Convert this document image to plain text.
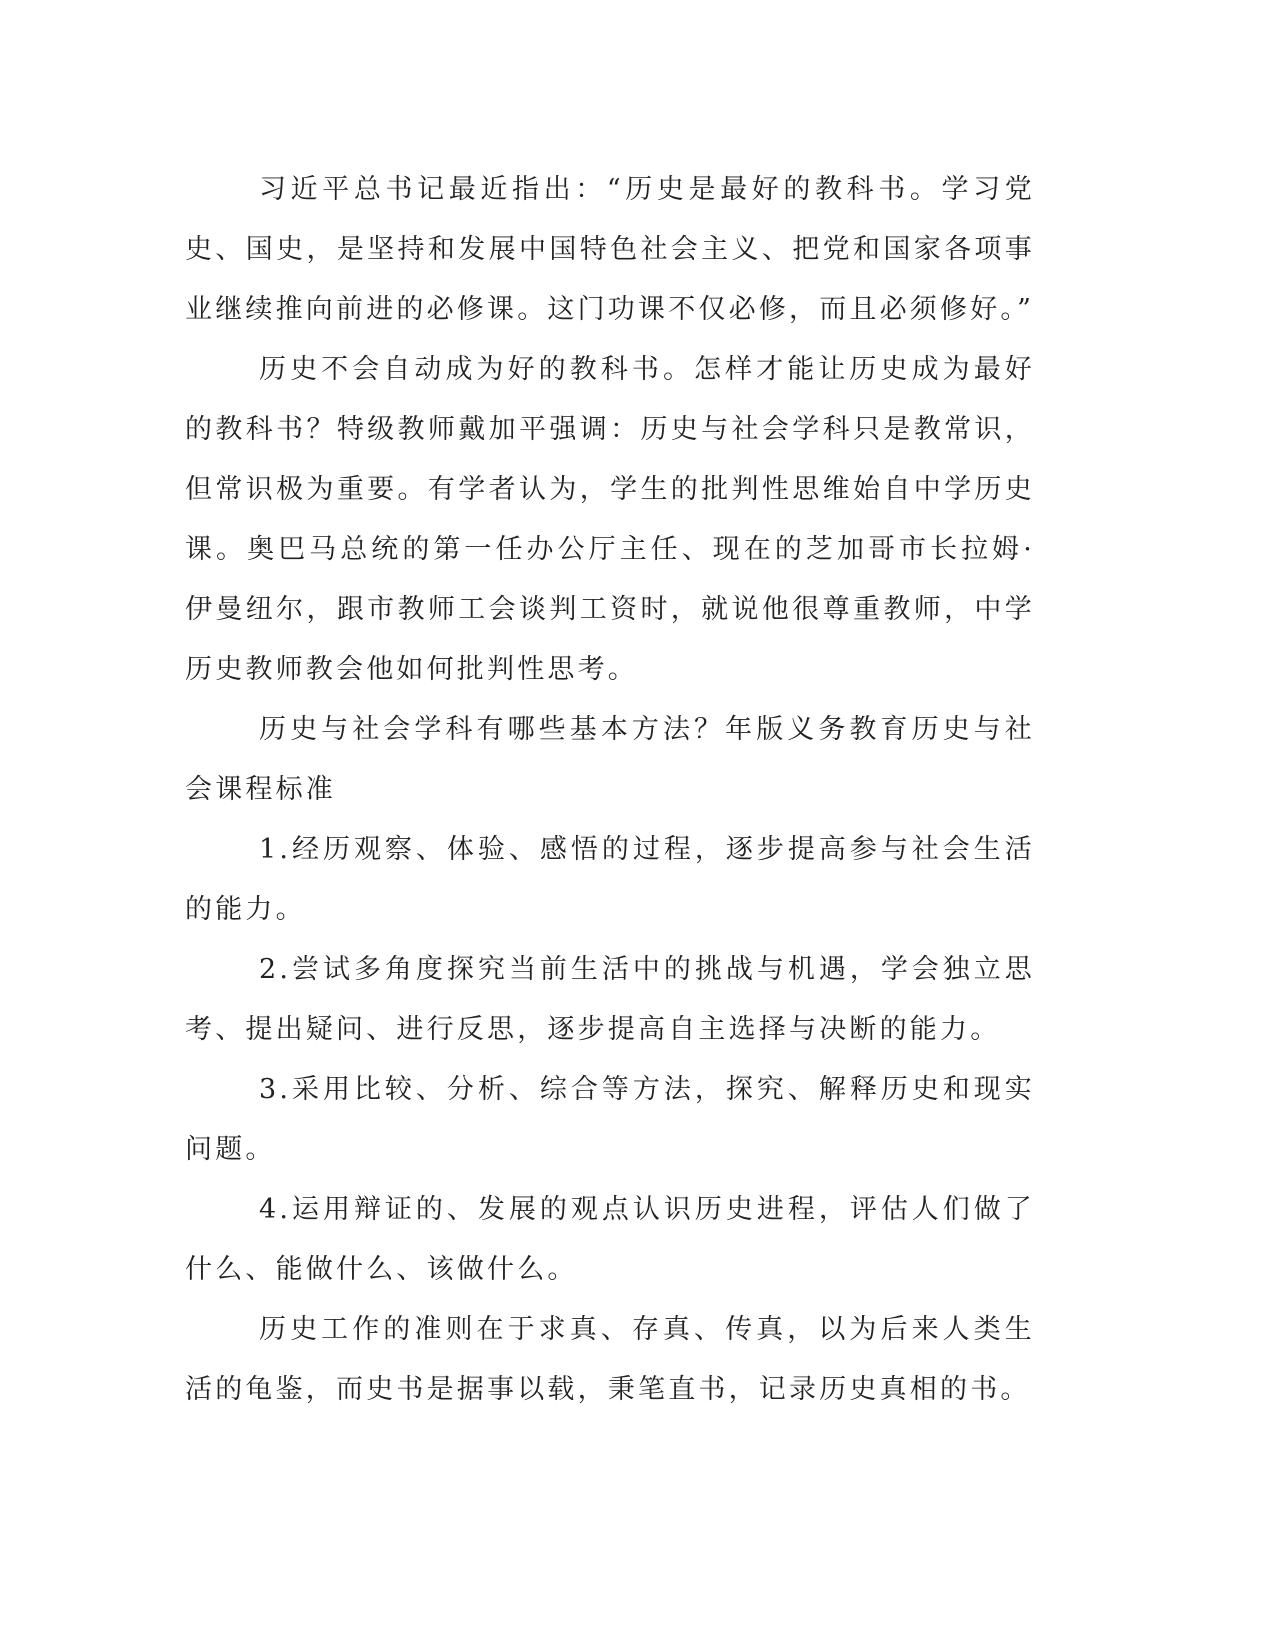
习近平总书记最近指出：“历史是最好的教科书。学习党史、国史，是坚持和发展中国特色社会主义、把党和国家各项事业继续推向前进的必修课。这门功课不仅必修，而且必须修好。”

历史不会自动成为好的教科书。怎样才能让历史成为最好的教科书？特级教师戴加平强调：历史与社会学科只是教常识，但常识极为重要。有学者认为，学生的批判性思维始自中学历史课。奥巴马总统的第一任办公厅主任、现在的芝加哥市长拉姆·伊曼纽尔，跟市教师工会谈判工资时，就说他很尊重教师，中学历史教师教会他如何批判性思考。

历史与社会学科有哪些基本方法？年版义务教育历史与社会课程标准

1.经历观察、体验、感悟的过程，逐步提高参与社会生活的能力。

2.尝试多角度探究当前生活中的挑战与机遇，学会独立思考、提出疑问、进行反思，逐步提高自主选择与决断的能力。

3.采用比较、分析、综合等方法，探究、解释历史和现实问题。

4.运用辩证的、发展的观点认识历史进程，评估人们做了什么、能做什么、该做什么。

历史工作的准则在于求真、存真、传真，以为后来人类生活的龟鉴，而史书是据事以载，秉笔直书，记录历史真相的书。
